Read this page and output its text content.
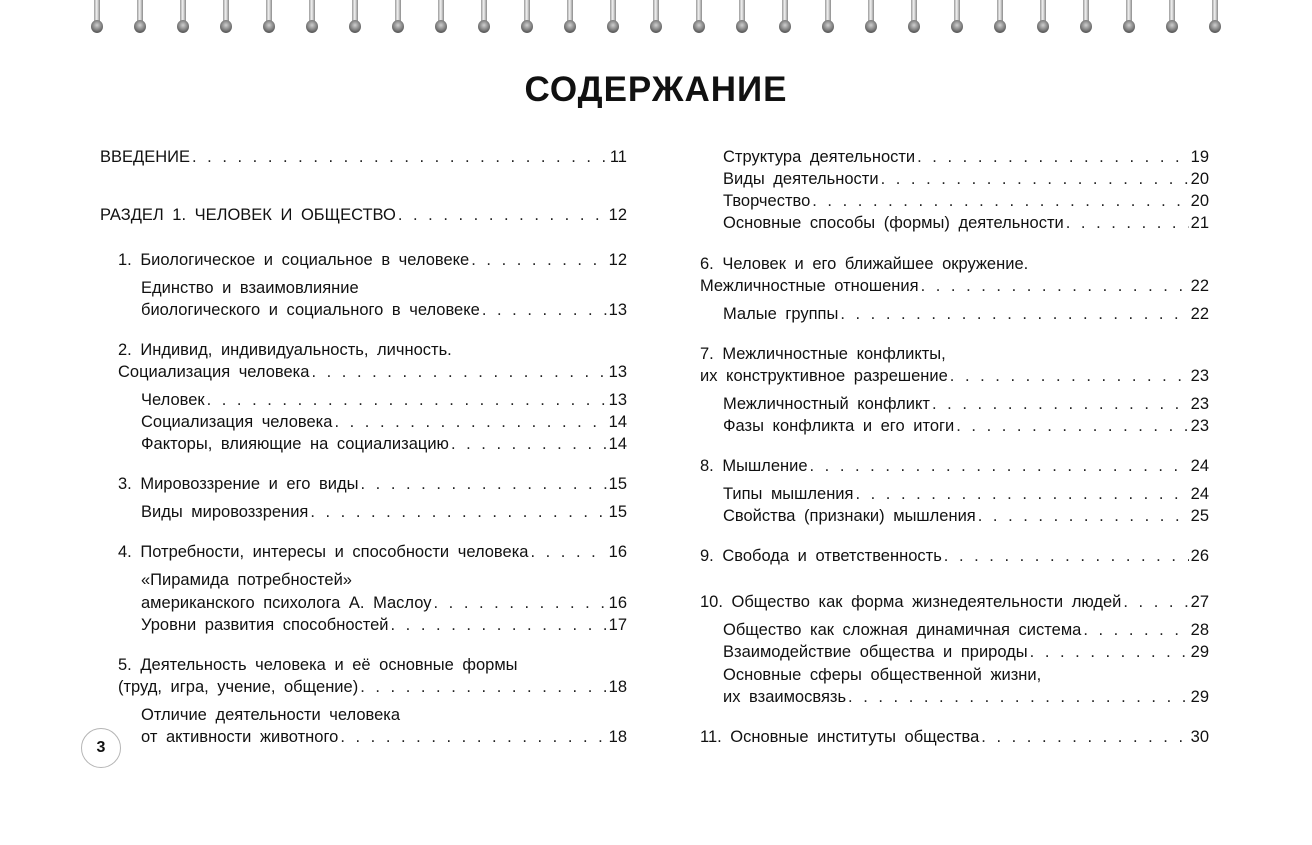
СОДЕРЖАНИЕ
ВВЕДЕНИЕ . . .	11
РАЗДЕЛ 1. ЧЕЛОВЕК И ОБЩЕСТВО . . .	12
1. Биологическое и социальное в человеке . . .	12
Единство и взаимовлияние
биологического и социального в человеке . . .	13
2. Индивид, индивидуальность, личность.
Социализация человека . . .	13
Человек . . .	13
Социализация человека . . .	14
Факторы, влияющие на социализацию . . .	14
3. Мировоззрение и его виды . . .	15
Виды мировоззрения . . .	15
4. Потребности, интересы и способности человека . . .	16
«Пирамида потребностей»
американского психолога А. Маслоу . . .	16
Уровни развития способностей . . .	17
5. Деятельность человека и её основные формы
(труд, игра, учение, общение) . . .	18
Отличие деятельности человека
от активности животного . . .	18
Структура деятельности . . .	19
Виды деятельности . . .	20
Творчество . . .	20
Основные способы (формы) деятельности . . .	21
6. Человек и его ближайшее окружение.
Межличностные отношения . . .	22
Малые группы . . .	22
7. Межличностные конфликты,
их конструктивное разрешение . . .	23
Межличностный конфликт . . .	23
Фазы конфликта и его итоги . . .	23
8. Мышление . . .	24
Типы мышления . . .	24
Свойства (признаки) мышления . . .	25
9. Свобода и ответственность . . .	26
10. Общество как форма жизнедеятельности людей . . .	27
Общество как сложная динамичная система . . .	28
Взаимодействие общества и природы . . .	29
Основные сферы общественной жизни,
их взаимосвязь . . .	29
11. Основные институты общества . . .	30
3
